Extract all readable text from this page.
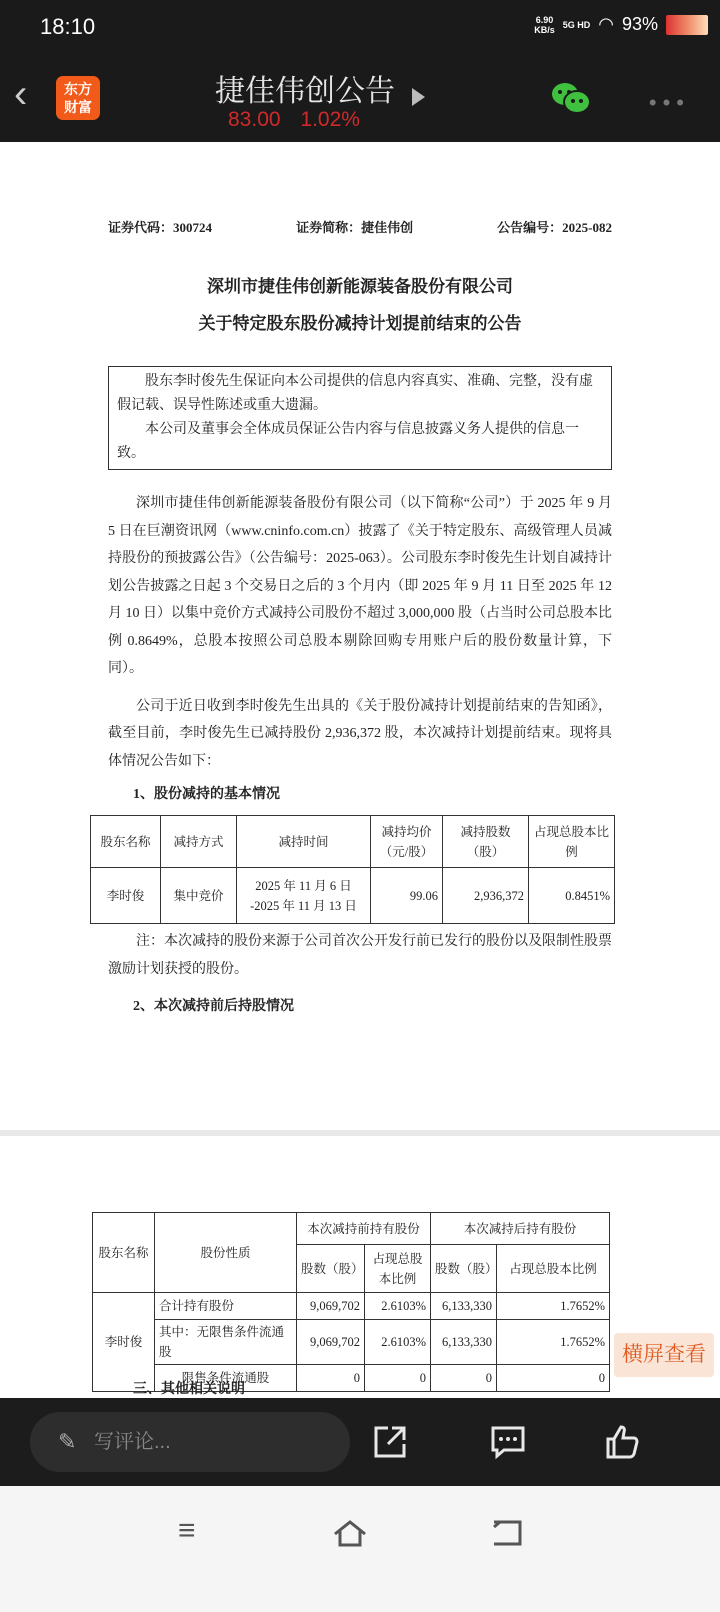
18:10	6.90
KB/s 5G HD ◠ 93%
‹	东方
财富	捷佳伟创公告
83.00 1.02%
•••
证券代码：300724	证券简称：捷佳伟创	公告编号：2025-082
深圳市捷佳伟创新能源装备股份有限公司
关于特定股东股份减持计划提前结束的公告

股东李时俊先生保证向本公司提供的信息内容真实、准确、完整，没有虚假记载、误导性陈述或重大遗漏。

本公司及董事会全体成员保证公告内容与信息披露义务人提供的信息一致。

深圳市捷佳伟创新能源装备股份有限公司（以下简称“公司”）于 2025 年 9 月 5 日在巨潮资讯网（www.cninfo.com.cn）披露了《关于特定股东、高级管理人员减持股份的预披露公告》（公告编号：2025-063）。公司股东李时俊先生计划自减持计划公告披露之日起 3 个交易日之后的 3 个月内（即 2025 年 9 月 11 日至 2025 年 12 月 10 日）以集中竞价方式减持公司股份不超过 3,000,000 股（占当时公司总股本比例 0.8649%，总股本按照公司总股本剔除回购专用账户后的股份数量计算，下同）。

公司于近日收到李时俊先生出具的《关于股份减持计划提前结束的告知函》，截至目前，李时俊先生已减持股份 2,936,372 股，本次减持计划提前结束。现将具体情况公告如下：

1、股份减持的基本情况
股东名称	减持方式	减持时间	减持均价（元/股）	减持股数（股）	占现总股本比例
李时俊	集中竞价	2025 年 11 月 6 日 -2025 年 11 月 13 日	99.06	2,936,372	0.8451%

注：本次减持的股份来源于公司首次公开发行前已发行的股份以及限制性股票激励计划获授的股份。

2、本次减持前后持股情况
股东名称	股份性质	本次减持前持有股份		本次减持后持有股份	
		股数（股）	占现总股本比例	股数（股）	占现总股本比例
李时俊	合计持有股份	9,069,702	2.6103%	6,133,330	1.7652%
	其中：无限售条件流通股	9,069,702	2.6103%	6,133,330	1.7652%
	限售条件流通股	0	0	0	0
三、其他相关说明
横屏查看
✎ 写评论...
≡
